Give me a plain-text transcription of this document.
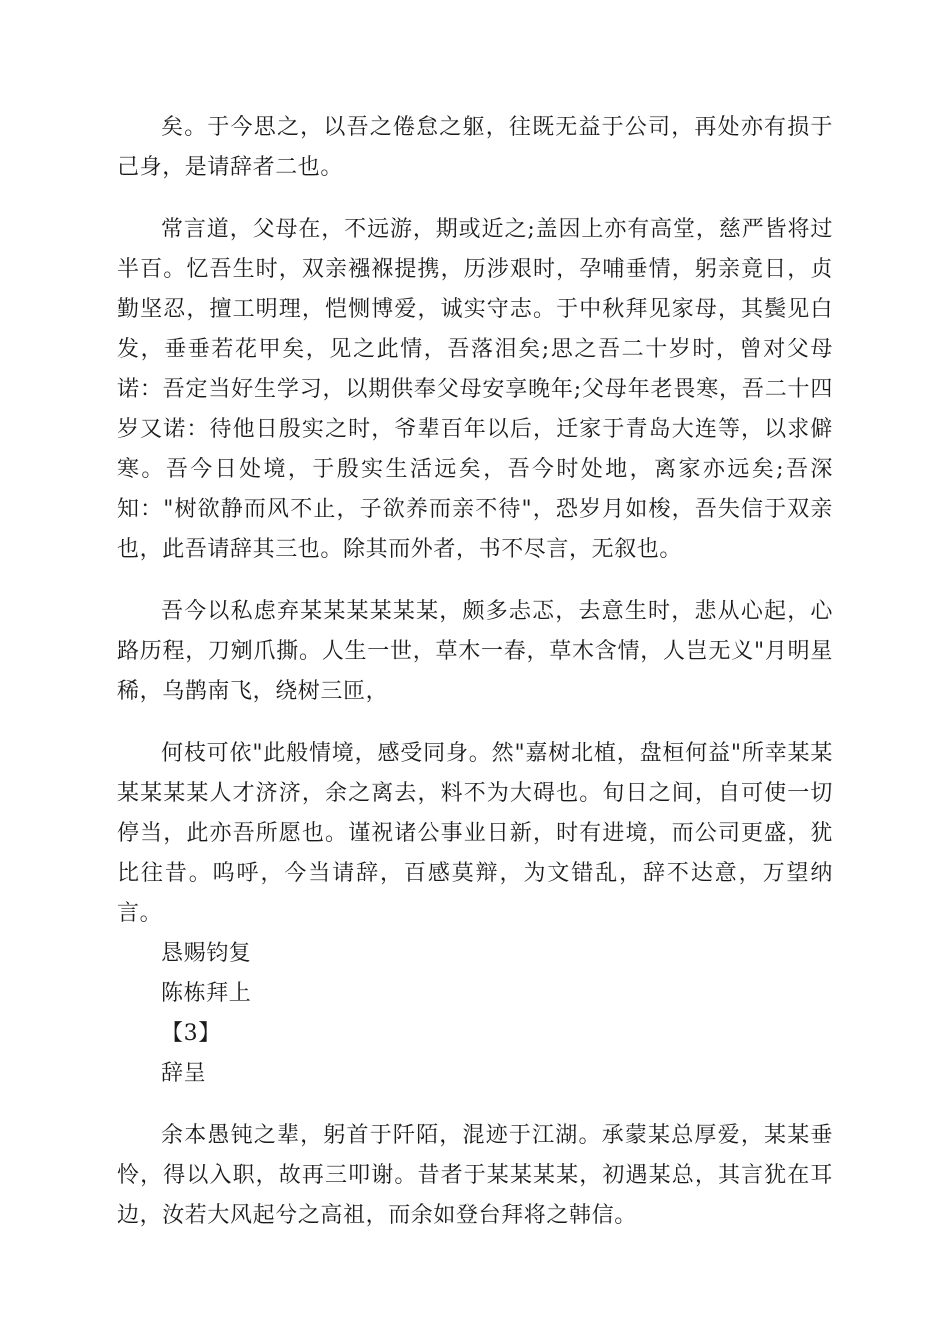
矣。于今思之，以吾之倦怠之躯，往既无益于公司，再处亦有损于己身，是请辞者二也。

常言道，父母在，不远游，期或近之;盖因上亦有高堂，慈严皆将过半百。忆吾生时，双亲襁褓提携，历涉艰时，孕哺垂情，躬亲竟日，贞勤坚忍，擅工明理，恺恻博爱，诚实守志。于中秋拜见家母，其鬓见白发，垂垂若花甲矣，见之此情，吾落泪矣;思之吾二十岁时，曾对父母诺：吾定当好生学习，以期供奉父母安享晚年;父母年老畏寒，吾二十四岁又诺：待他日殷实之时，爷辈百年以后，迁家于青岛大连等，以求僻寒。吾今日处境，于殷实生活远矣，吾今时处地，离家亦远矣;吾深知："树欲静而风不止，子欲养而亲不待"，恐岁月如梭，吾失信于双亲也，此吾请辞其三也。除其而外者，书不尽言，无叙也。

吾今以私虑弃某某某某某某，颇多忐忑，去意生时，悲从心起，心路历程，刀剜爪撕。人生一世，草木一春，草木含情，人岂无义"月明星稀，乌鹊南飞，绕树三匝，

何枝可依"此般情境，感受同身。然"嘉树北植，盘桓何益"所幸某某某某某某人才济济，余之离去，料不为大碍也。旬日之间，自可使一切停当，此亦吾所愿也。谨祝诸公事业日新，时有进境，而公司更盛，犹比往昔。呜呼，今当请辞，百感莫辩，为文错乱，辞不达意，万望纳言。

恳赐钧复

陈栋拜上

【3】

辞呈

余本愚钝之辈，躬首于阡陌，混迹于江湖。承蒙某总厚爱，某某垂怜，得以入职，故再三叩谢。昔者于某某某某，初遇某总，其言犹在耳边，汝若大风起兮之高祖，而余如登台拜将之韩信。
